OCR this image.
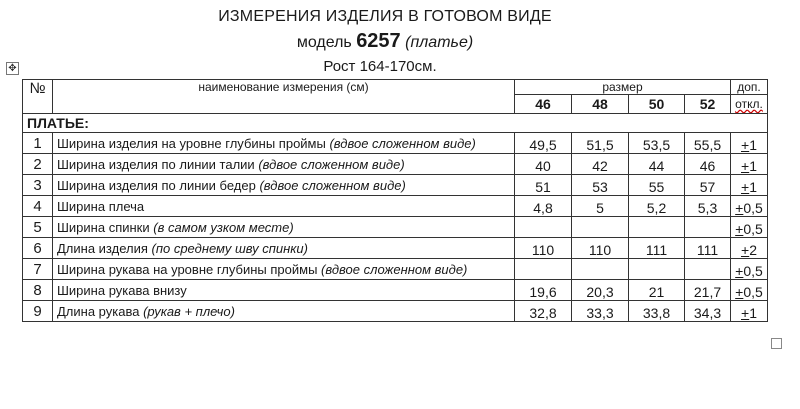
ИЗМЕРЕНИЯ ИЗДЕЛИЯ В ГОТОВОМ ВИДЕ
модель 6257 (платье)
Рост 164-170см.
✥
№	наименование измерения (см)	размер				доп.
		46	48	50	52	откл.
ПЛАТЬЕ:						
1	Ширина изделия на уровне глубины проймы (вдвое сложенном виде)	49,5	51,5	53,5	55,5	+1
2	Ширина изделия по линии талии (вдвое сложенном виде)	40	42	44	46	+1
3	Ширина изделия по линии бедер (вдвое сложенном виде)	51	53	55	57	+1
4	Ширина плеча	4,8	5	5,2	5,3	+0,5
5	Ширина спинки (в самом узком месте)					+0,5
6	Длина изделия (по среднему шву спинки)	110	110	111	111	+2
7	Ширина рукава на уровне глубины проймы (вдвое сложенном виде)					+0,5
8	Ширина рукава внизу	19,6	20,3	21	21,7	+0,5
9	Длина рукава (рукав + плечо)	32,8	33,3	33,8	34,3	+1
